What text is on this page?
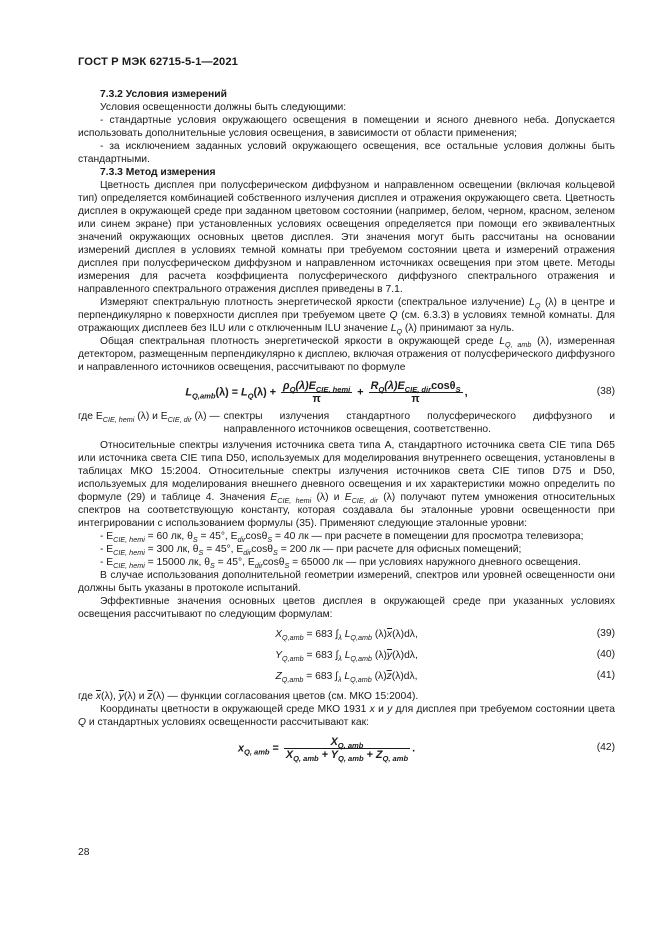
ГОСТ Р МЭК 62715-5-1—2021

7.3.2 Условия измерений

Условия освещенности должны быть следующими:

- стандартные условия окружающего освещения в помещении и ясного дневного неба. Допускается использовать дополнительные условия освещения, в зависимости от области применения;

- за исключением заданных условий окружающего освещения, все остальные условия должны быть стандартными.

7.3.3 Метод измерения

Цветность дисплея при полусферическом диффузном и направленном освещении (включая кольцевой тип) определяется комбинацией собственного излучения дисплея и отражения окружающего света. Цветность дисплея в окружающей среде при заданном цветовом состоянии (например, белом, черном, красном, зеленом или синем экране) при установленных условиях освещения определяется при помощи его эквивалентных значений окружающих основных цветов дисплея. Эти значения могут быть рассчитаны на основании измерений дисплея в условиях темной комнаты при требуемом состоянии цвета и измерений отражения дисплея при полусферическом диффузном и направленном источниках освещения при этом цвете. Методы измерения для расчета коэффициента полусферического диффузного спектрального отражения и направленного спектрального отражения дисплея приведены в 7.1.

Измеряют спектральную плотность энергетической яркости (спектральное излучение) $L_Q$ (λ) в центре и перпендикулярно к поверхности дисплея при требуемом цвете Q (см. 6.3.3) в условиях темной комнаты. Для отражающих дисплеев без ILU или с отключенным ILU значение $L_Q$ (λ) принимают за нуль.

Общая спектральная плотность энергетической яркости в окружающей среде $L_{Q, amb}$ (λ), измеренная детектором, размещенным перпендикулярно к дисплею, включая отражения от полусферического диффузного и направленного источников освещения, рассчитывают по формуле

$L_{Q,amb}(\lambda) = L_Q(\lambda) + \frac{\rho_Q(\lambda)E_{CIE, hemi}}{\pi} + \frac{R_Q(\lambda)E_{CIE, dir}\cos\theta_S}{\pi}$ ,	(38)
где $E_{CIE, hemi}$ (λ) и $E_{CIE, dir}$ (λ) — спектры излучения стандартного полусферического диффузного и направленного источников освещения, соответственно.

Относительные спектры излучения источника света типа A, стандартного источника света CIE типа D65 или источника света CIE типа D50, используемых для моделирования внутреннего освещения, установлены в таблицах МКО 15:2004. Относительные спектры излучения источников света CIE типов D75 и D50, используемых для моделирования внешнего дневного освещения и их характеристики можно определить по формуле (29) и таблице 4. Значения $E_{CIE, hemi}$ (λ) и $E_{CIE, dir}$ (λ) получают путем умножения относительных спектров на соответствующую константу, которая создавала бы эталонные уровни освещенности при интегрировании с использованием формулы (35). Применяют следующие эталонные уровни:

- $E_{CIE, hemi} = 60$ лк, $\theta_S = 45^\circ$, $E_{dir}\cos\theta_S = 40$ лк — при расчете в помещении для просмотра телевизора;

- $E_{CIE, hemi} = 300$ лк, $\theta_S = 45^\circ$, $E_{dir}\cos\theta_S = 200$ лк — при расчете для офисных помещений;

- $E_{CIE, hemi} = 15000$ лк, $\theta_S = 45^\circ$, $E_{dir}\cos\theta_S = 65000$ лк — при условиях наружного дневного освещения.

В случае использования дополнительной геометрии измерений, спектров или уровней освещенности они должны быть указаны в протоколе испытаний.

Эффективные значения основных цветов дисплея в окружающей среде при указанных условиях освещения рассчитывают по следующим формулам:

$X_{Q,amb} = 683$ $\int_\lambda$ $L_{Q,amb}$ $(\lambda)\overline{x}(\lambda)d\lambda$,	(39)
$Y_{Q,amb} = 683$ $\int_\lambda$ $L_{Q,amb}$ $(\lambda)\overline{y}(\lambda)d\lambda$,	(40)
$Z_{Q,amb} = 683$ $\int_\lambda$ $L_{Q,amb}$ $(\lambda)\overline{z}(\lambda)d\lambda$,	(41)

где $\overline{x}(\lambda)$, $\overline{y}(\lambda)$ и $\overline{z}(\lambda)$ — функции согласования цветов (см. МКО 15:2004).

Координаты цветности в окружающей среде МКО 1931 x и y для дисплея при требуемом состоянии цвета Q и стандартных условиях освещенности рассчитывают как:

$x_{Q, amb} = \frac{X_{Q, amb}}{X_{Q, amb} + Y_{Q, amb} + Z_{Q, amb}}$ .	(42)
28
